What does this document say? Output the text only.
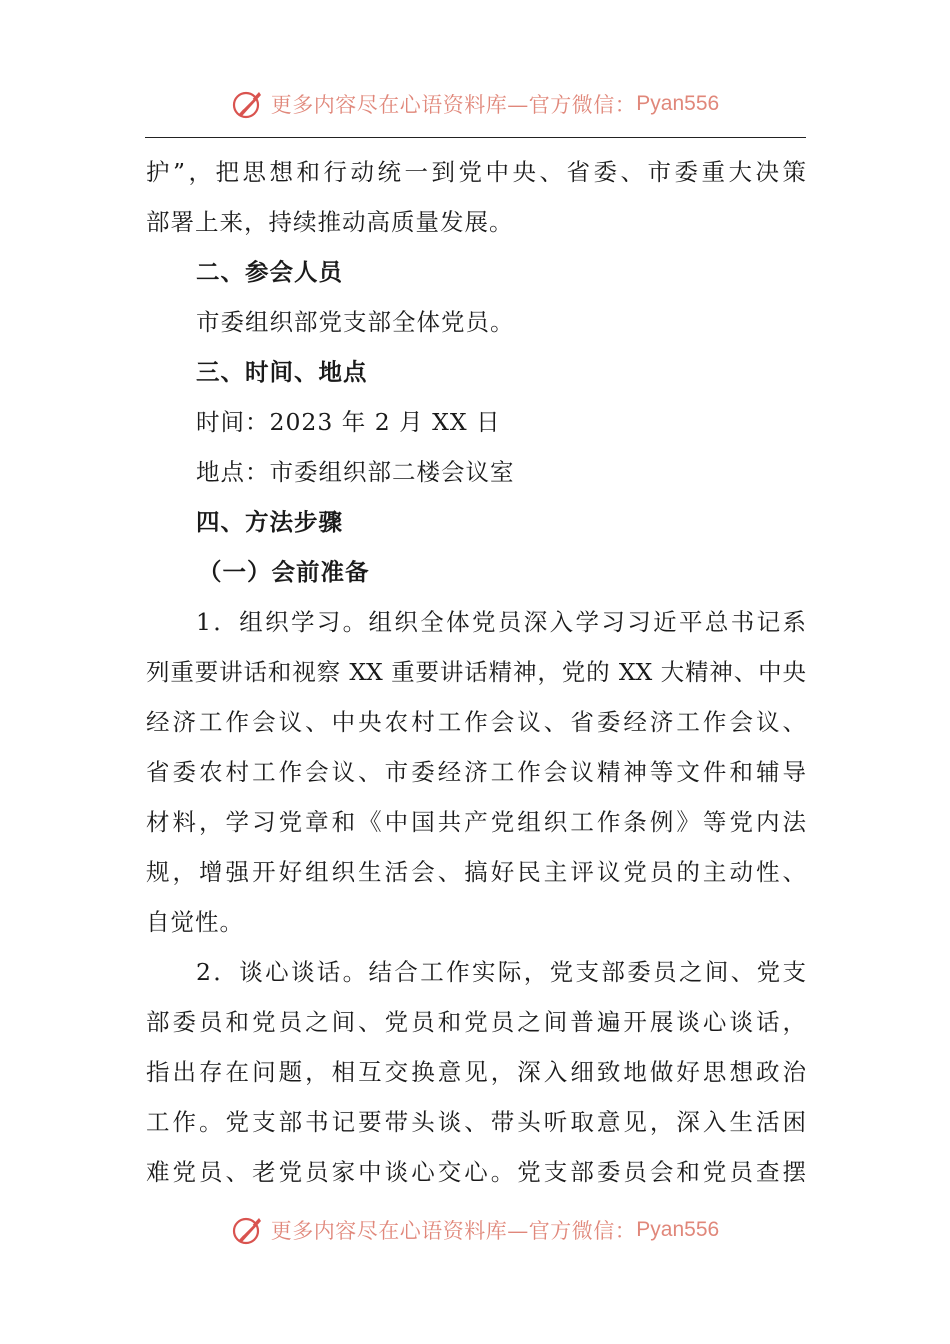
更多内容尽在心语资料库—官方微信： Pyan556
护”，把思想和行动统一到党中央、省委、市委重大决策
部署上来，持续推动高质量发展。
二、参会人员
市委组织部党支部全体党员。
三、时间、地点
时间：2023 年 2 月 XX 日
地点：市委组织部二楼会议室
四、方法步骤
（一）会前准备
1．组织学习。组织全体党员深入学习习近平总书记系
列重要讲话和视察 XX 重要讲话精神，党的 XX 大精神、中央
经济工作会议、中央农村工作会议、省委经济工作会议、
省委农村工作会议、市委经济工作会议精神等文件和辅导
材料，学习党章和《中国共产党组织工作条例》等党内法
规，增强开好组织生活会、搞好民主评议党员的主动性、
自觉性。
2．谈心谈话。结合工作实际，党支部委员之间、党支
部委员和党员之间、党员和党员之间普遍开展谈心谈话，
指出存在问题，相互交换意见，深入细致地做好思想政治
工作。党支部书记要带头谈、带头听取意见，深入生活困
难党员、老党员家中谈心交心。党支部委员会和党员查摆
更多内容尽在心语资料库—官方微信： Pyan556
